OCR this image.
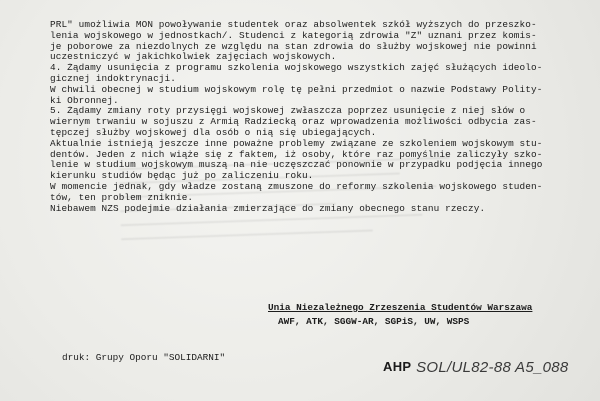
PRL" umożliwia MON powoływanie studentek oraz absolwentek szkół wyższych do przeszko-
lenia wojskowego w jednostkach/. Studenci z kategorią zdrowia "Z" uznani przez komis-
je poborowe za niezdolnych ze względu na stan zdrowia do służby wojskowej nie powinni
uczestniczyć w jakichkolwiek zajęciach wojskowych.
4. Żądamy usunięcia z programu szkolenia wojskowego wszystkich zajęć służących ideolo-
gicznej indoktrynacji.
W chwili obecnej w studium wojskowym rolę tę pełni przedmiot o nazwie Podstawy Polity-
ki Obronnej.
5. Żądamy zmiany roty przysięgi wojskowej zwłaszcza poprzez usunięcie z niej słów o
wiernym trwaniu w sojuszu z Armią Radziecką oraz wprowadzenia możliwości odbycia zas-
tępczej służby wojskowej dla osób o nią się ubiegających.
Aktualnie istnieją jeszcze inne poważne problemy związane ze szkoleniem wojskowym stu-
dentów. Jeden z nich wiąże się z faktem, iż osoby, które raz pomyślnie zaliczyły szko-
lenie w studium wojskowym muszą na nie uczęszczać ponownie w przypadku podjęcia innego
kierunku studiów będąc już po zaliczeniu roku.
W momencie jednak, gdy władze zostaną zmuszone do reformy szkolenia wojskowego studen-
tów, ten problem zniknie.
Niebawem NZS podejmie działania zmierzające do zmiany obecnego stanu rzeczy.
Unia Niezależnego Zrzeszenia Studentów Warszawa
AWF, ATK, SGGW-AR, SGPiS, UW, WSPS
druk: Grupy Oporu "SOLIDARNI"
AHP SOL/UL82-88 A5_088
